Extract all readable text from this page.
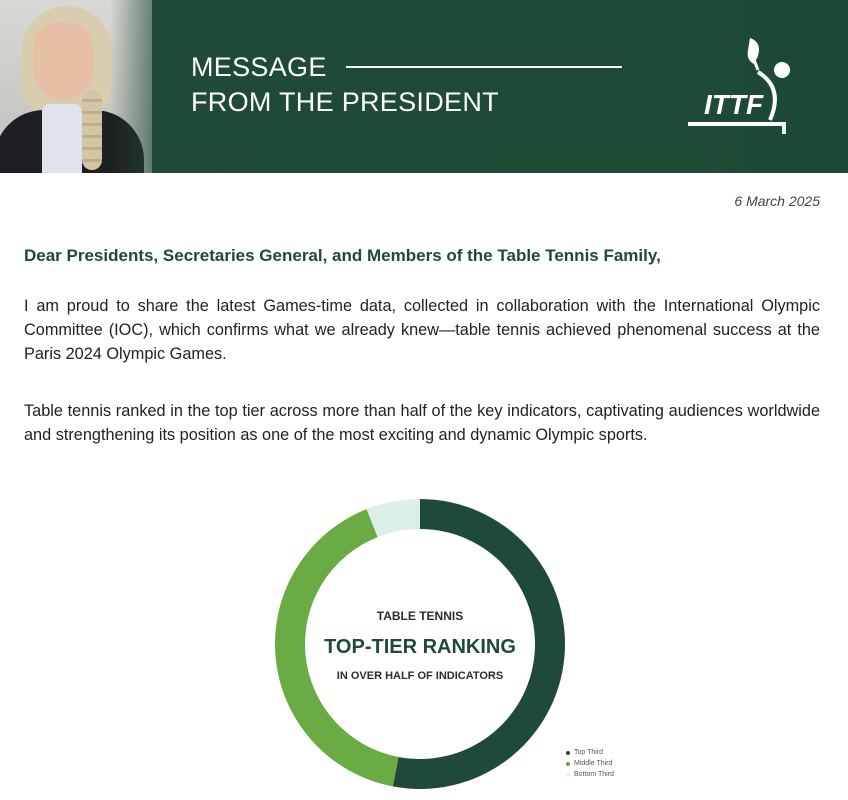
MESSAGE
FROM THE PRESIDENT	ITTF
6 March 2025
Dear Presidents, Secretaries General, and Members of the Table Tennis Family,
I am proud to share the latest Games-time data, collected in collaboration with the International Olympic Committee (IOC), which confirms what we already knew—table tennis achieved phenomenal success at the Paris 2024 Olympic Games.
Table tennis ranked in the top tier across more than half of the key indicators, captivating audiences worldwide and strengthening its position as one of the most exciting and dynamic Olympic sports.
TABLE TENNIS
TOP-TIER RANKING
IN OVER HALF OF INDICATORS
Top Third
Middle Third
Bottom Third
